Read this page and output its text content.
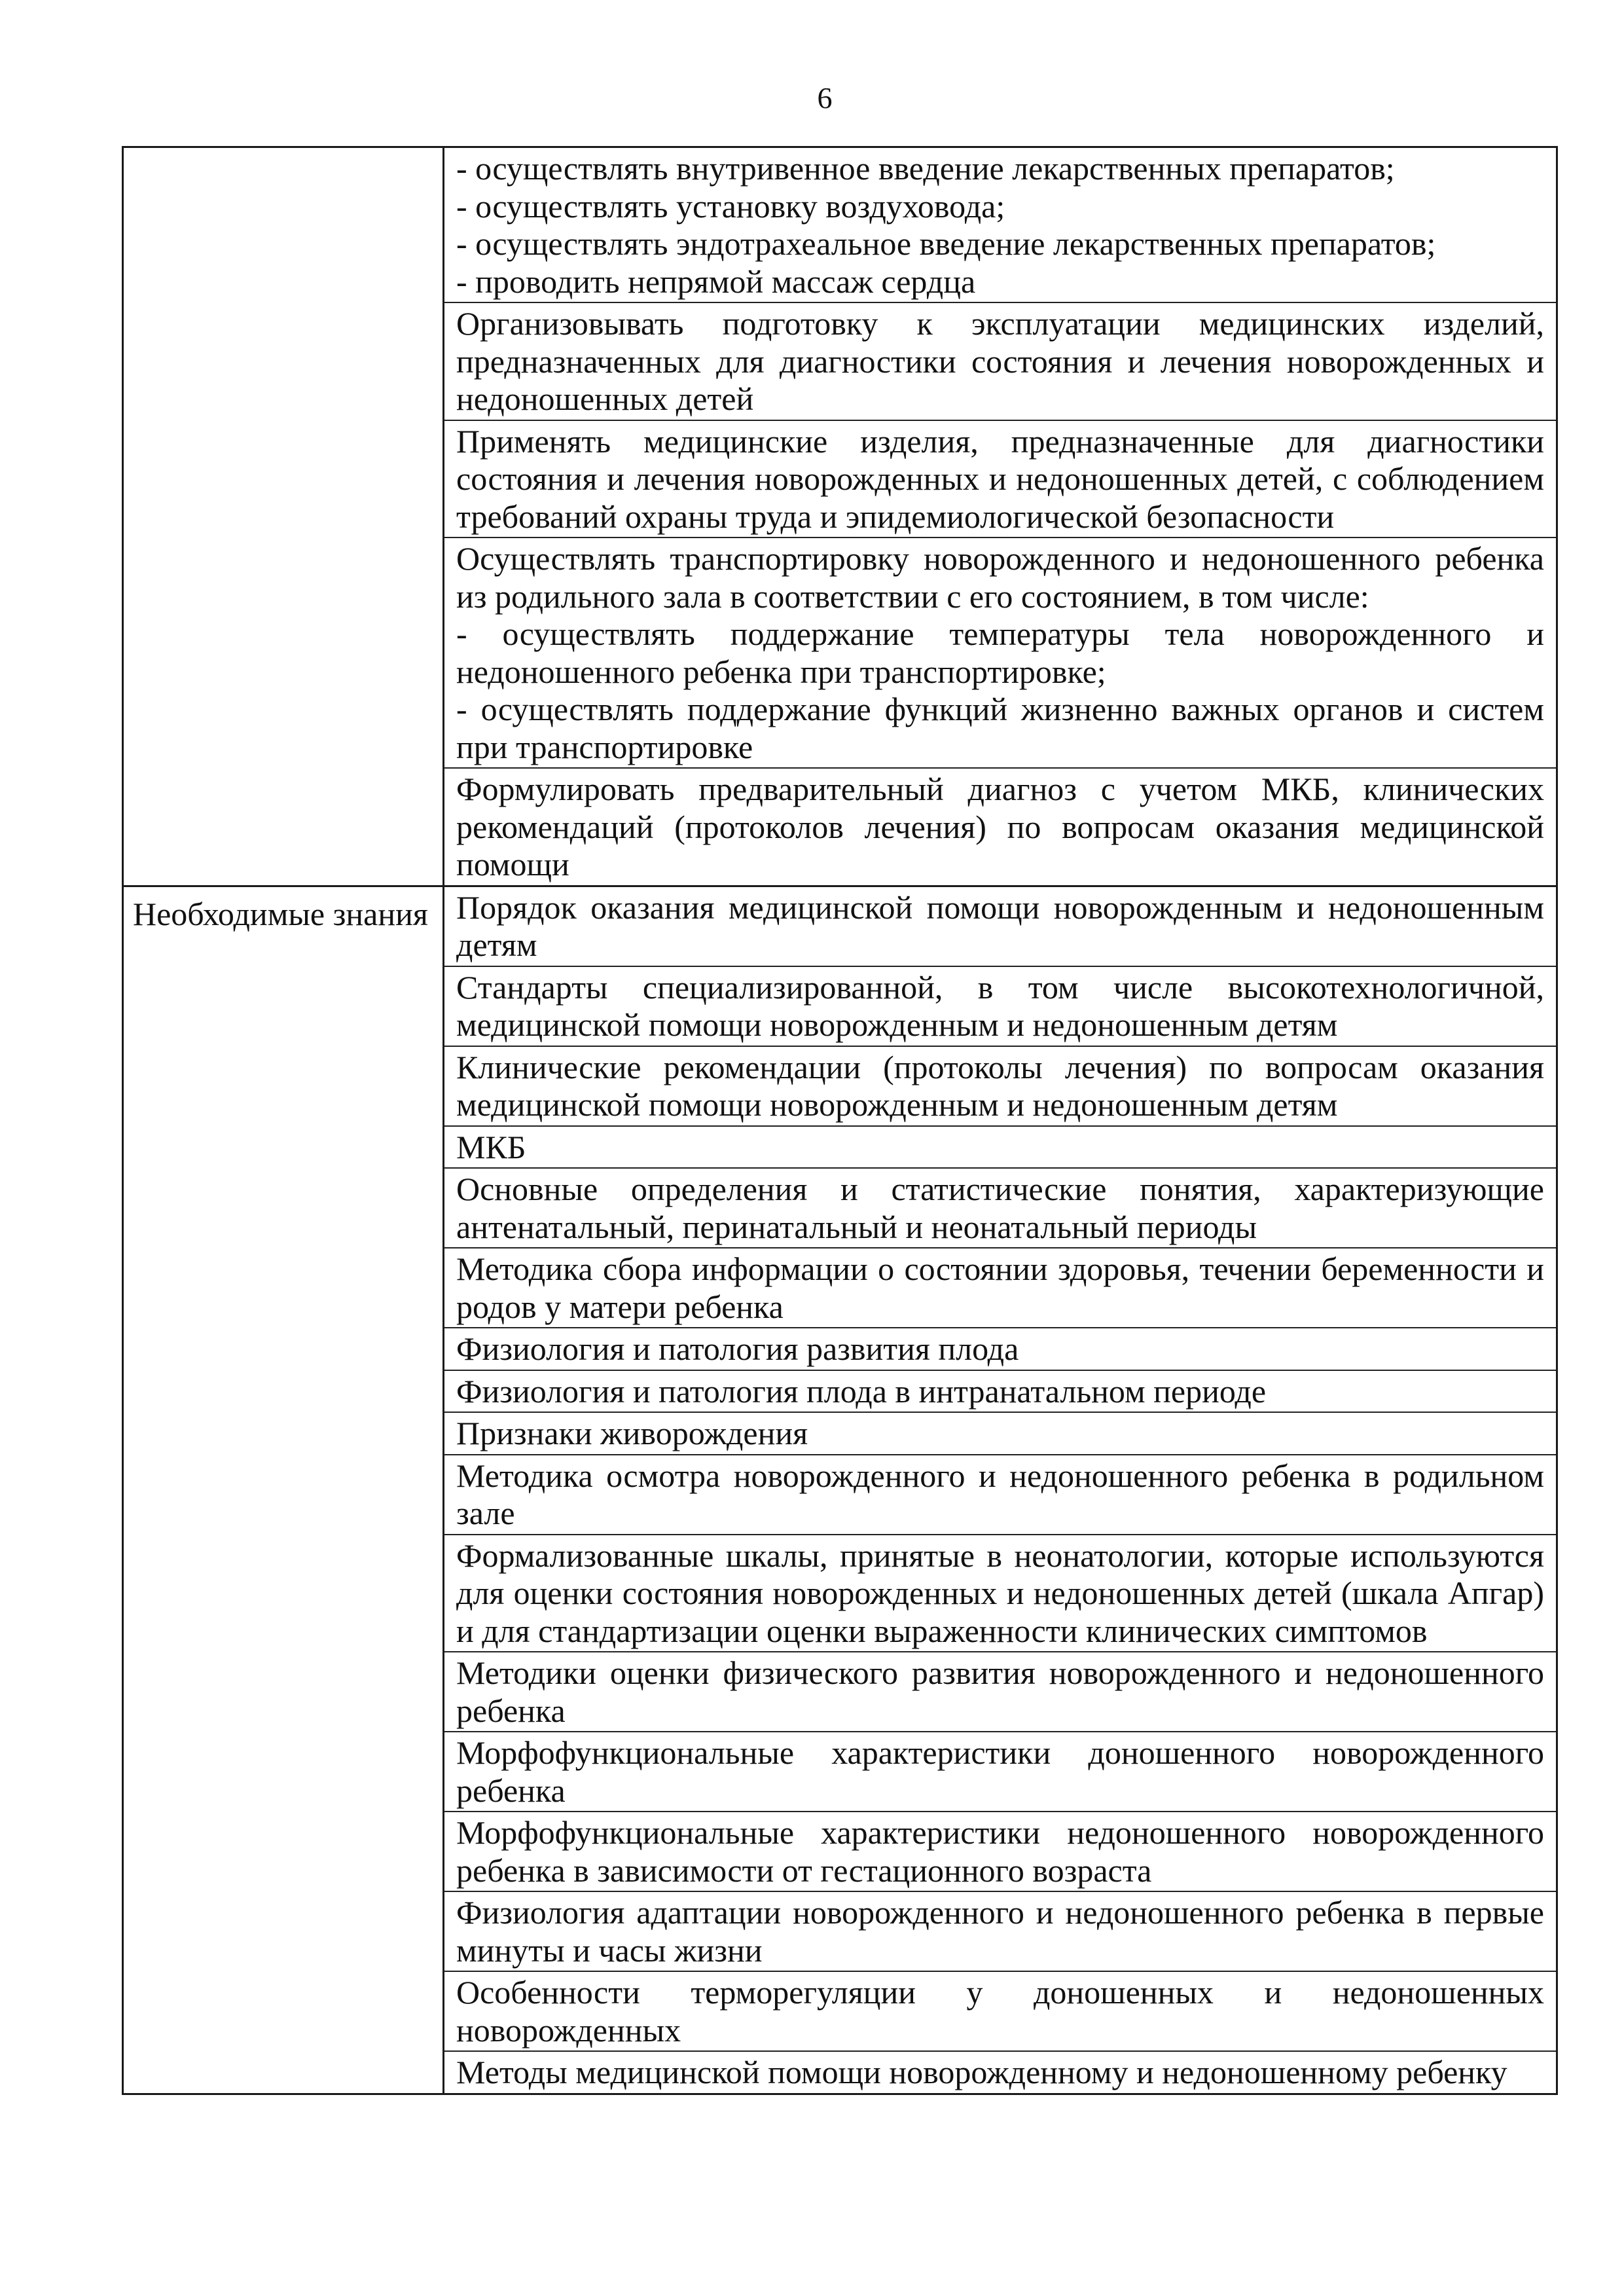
6
- осуществлять внутривенное введение лекарственных препаратов;
- осуществлять установку воздуховода;
- осуществлять эндотрахеальное введение лекарственных препаратов;
- проводить непрямой массаж сердца
Организовывать подготовку к эксплуатации медицинских изделий, предназначенных для диагностики состояния и лечения новорожденных и недоношенных детей
Применять медицинские изделия, предназначенные для диагностики состояния и лечения новорожденных и недоношенных детей, с соблюдением требований охраны труда и эпидемиологической безопасности
Осуществлять транспортировку новорожденного и недоношенного ребенка из родильного зала в соответствии с его состоянием, в том числе:
- осуществлять поддержание температуры тела новорожденного и недоношенного ребенка при транспортировке;
- осуществлять поддержание функций жизненно важных органов и систем при транспортировке
Формулировать предварительный диагноз с учетом МКБ, клинических рекомендаций (протоколов лечения) по вопросам оказания медицинской помощи
Необходимые знания Порядок оказания медицинской помощи новорожденным и недоношенным детям
Стандарты специализированной, в том числе высокотехнологичной, медицинской помощи новорожденным и недоношенным детям
Клинические рекомендации (протоколы лечения) по вопросам оказания медицинской помощи новорожденным и недоношенным детям
МКБ
Основные определения и статистические понятия, характеризующие антенатальный, перинатальный и неонатальный периоды
Методика сбора информации о состоянии здоровья, течении беременности и родов у матери ребенка
Физиология и патология развития плода
Физиология и патология плода в интранатальном периоде
Признаки живорождения
Методика осмотра новорожденного и недоношенного ребенка в родильном зале
Формализованные шкалы, принятые в неонатологии, которые используются для оценки состояния новорожденных и недоношенных детей (шкала Апгар) и для стандартизации оценки выраженности клинических симптомов
Методики оценки физического развития новорожденного и недоношенного ребенка
Морфофункциональные характеристики доношенного новорожденного ребенка
Морфофункциональные характеристики недоношенного новорожденного ребенка в зависимости от гестационного возраста
Физиология адаптации новорожденного и недоношенного ребенка в первые минуты и часы жизни
Особенности терморегуляции у доношенных и недоношенных новорожденных
Методы медицинской помощи новорожденному и недоношенному ребенку
